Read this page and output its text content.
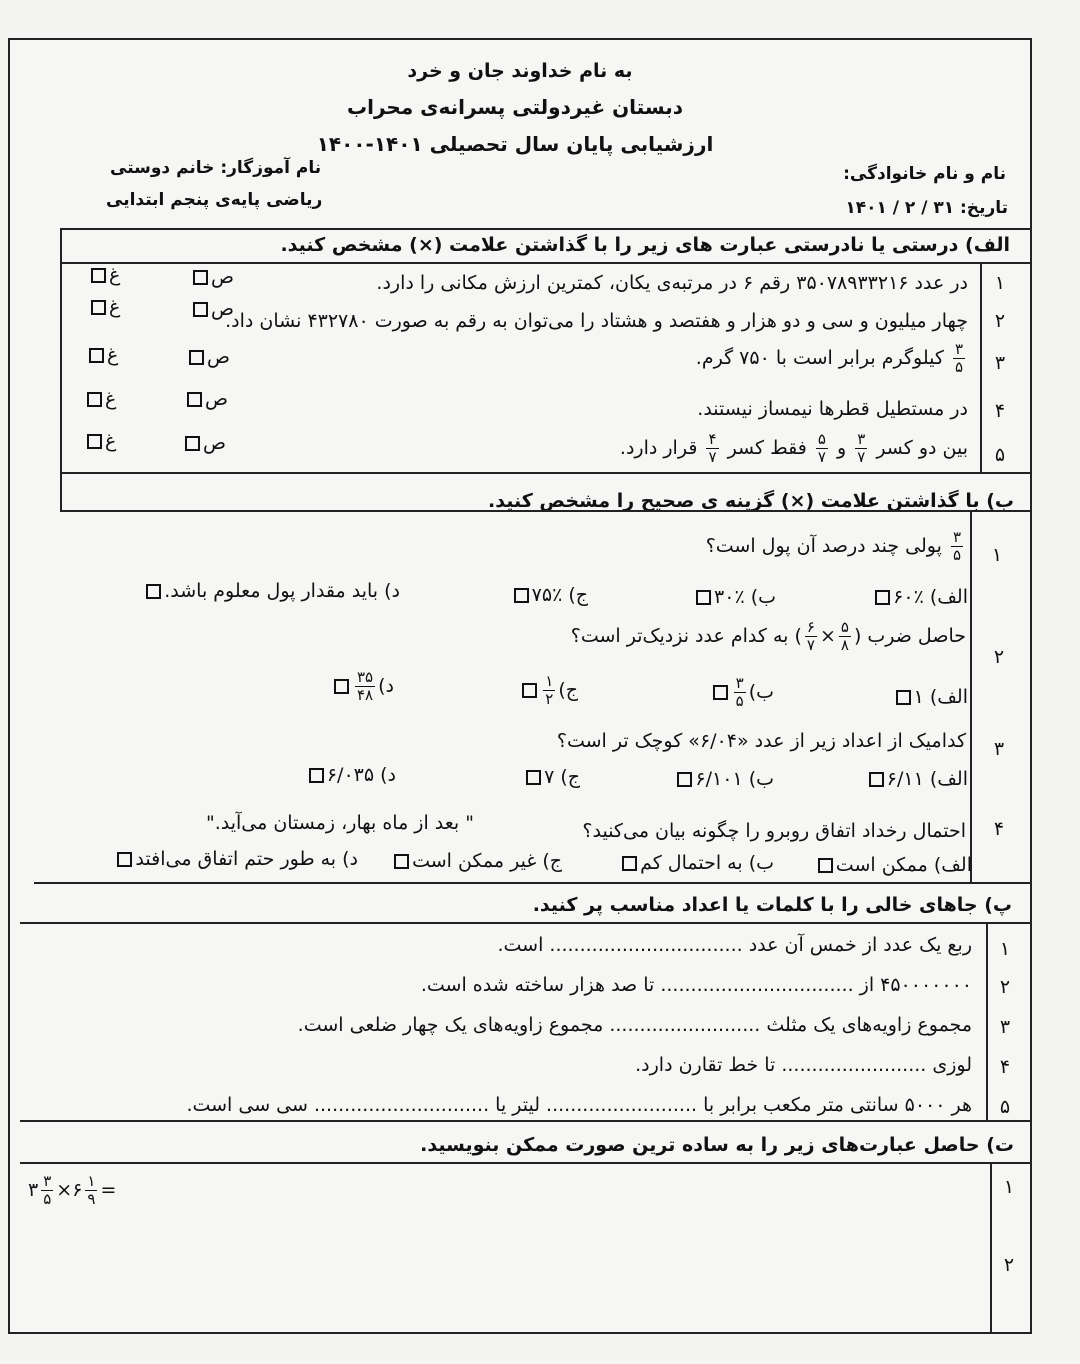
به نام خداوند جان و خرد
دبستان غیردولتی پسرانه‌ی محراب
ارزشیابی پایان سال تحصیلی ۱۴۰۱-۱۴۰۰
نام آموزگار: خانم دوستی
ریاضی پایه‌ی پنجم ابتدایی
نام و نام خانوادگی:
تاریخ: ۳۱ / ۲ / ۱۴۰۱
الف) درستی یا نادرستی عبارت های زیر را با گذاشتن علامت (×) مشخص کنید.
۱
در عدد ۳۵۰۷۸۹۳۳۲۱۶ رقم ۶ در مرتبه‌ی یکان، کمترین ارزش مکانی را دارد.
۲
چهار میلیون و سی و دو هزار و هفتصد و هشتاد را می‌توان به رقم به صورت ۴۳۲۷۸۰ نشان داد.
۳
$\frac{۳}{۵}$
کیلوگرم برابر است با ۷۵۰ گرم.
۴
در مستطیل قطرها نیمساز نیستند.
۵
بین دو کسر
$\frac{۳}{۷}$
و
$\frac{۵}{۷}$
فقط کسر
$\frac{۴}{۷}$
قرار دارد.
ص
غ
ص
غ
ص
غ
ص
غ
ص
غ
ب) با گذاشتن علامت (×) گزینه ی صحیح را مشخص کنید.
۱
$\frac{۳}{۵}$
پولی چند درصد آن پول است؟
الف) ٪۶۰
ب) ٪۳۰
ج) ٪۷۵
د) باید مقدار پول معلوم باشد.
۲
حاصل ضرب (
$\frac{۵}{۸}$
×
$\frac{۶}{۷}$
) به کدام عدد نزدیک‌تر است؟
الف) ۱
ب)
$\frac{۳}{۵}$
ج)
$\frac{۱}{۲}$
د)
$\frac{۳۵}{۴۸}$
۳
کدامیک از اعداد زیر از عدد «۶/۰۴» کوچک تر است؟
الف) ۶/۱۱
ب) ۶/۱۰۱
ج) ۷
د) ۶/۰۳۵
۴
احتمال رخداد اتفاق روبرو را چگونه بیان می‌کنید؟
" بعد از ماه بهار، زمستان می‌آید."
الف) ممکن است
ب) به احتمال کم
ج) غیر ممکن است
د) به طور حتم اتفاق می‌افتد
پ) جاهای خالی را با کلمات یا اعداد مناسب پر کنید.
۱
ربع یک عدد از خمس آن عدد ................................ است.
۲
۴۵۰۰۰۰۰۰۰ از ................................ تا صد هزار ساخته شده است.
۳
مجموع زاویه‌های یک مثلث ......................... مجموع زاویه‌های یک چهار ضلعی است.
۴
لوزی ........................ تا خط تقارن دارد.
۵
هر ۵۰۰۰ سانتی متر مکعب برابر با ......................... لیتر یا ............................. سی سی است.
ت) حاصل عبارت‌های زیر را به ساده ترین صورت ممکن بنویسید.
۱
۳ $\frac{۳}{۵}$ ×۶ $\frac{۱}{۹}$ =
۲
